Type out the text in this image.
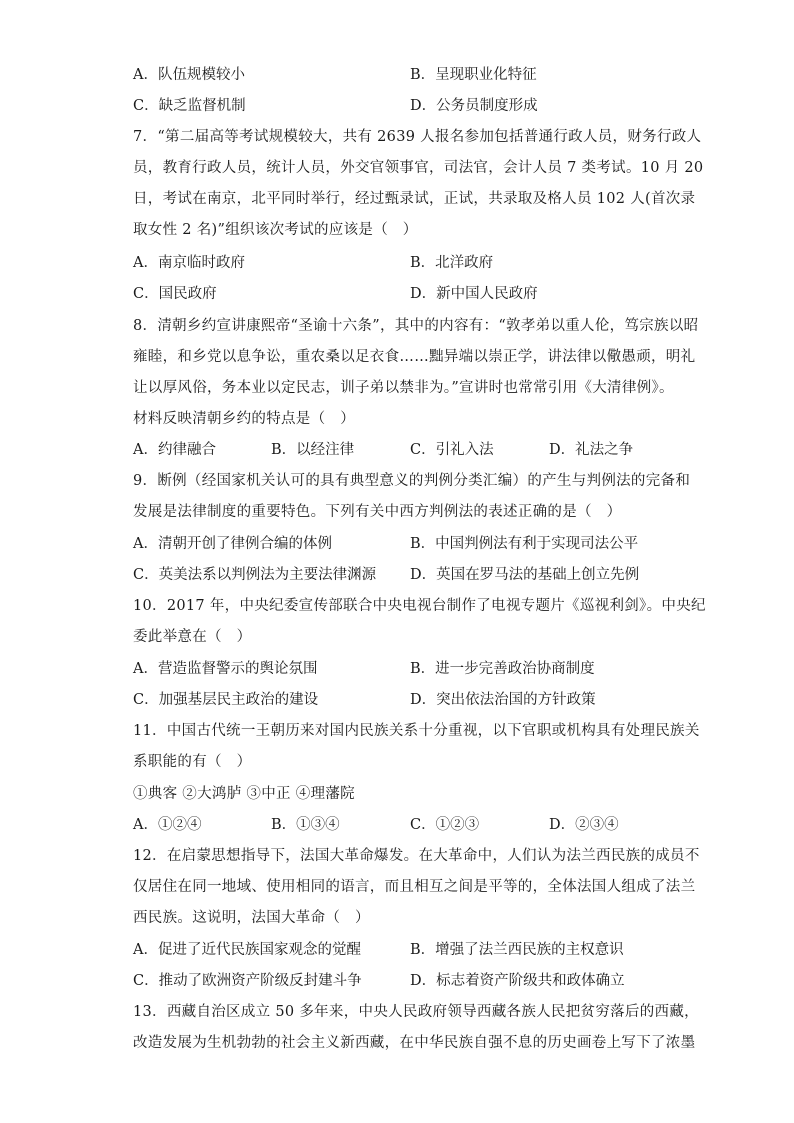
A．队伍规模较小	B．呈现职业化特征
C．缺乏监督机制	D．公务员制度形成
7．“第二届高等考试规模较大，共有 2639 人报名参加包括普通行政人员，财务行政人
员，教育行政人员，统计人员，外交官领事官，司法官，会计人员 7 类考试。10 月 20
日，考试在南京，北平同时举行，经过甄录试，正试，共录取及格人员 102 人(首次录
取女性 2 名)”组织该次考试的应该是（　）
A．南京临时政府	B．北洋政府
C．国民政府	D．新中国人民政府
8．清朝乡约宣讲康熙帝“圣谕十六条”，其中的内容有：“敦孝弟以重人伦，笃宗族以昭
雍睦，和乡党以息争讼，重农桑以足衣食……黜异端以崇正学，讲法律以儆愚顽，明礼
让以厚风俗，务本业以定民志，训子弟以禁非为。”宣讲时也常常引用《大清律例》。
材料反映清朝乡约的特点是（　）
A．约律融合	B．以经注律	C．引礼入法	D．礼法之争
9．断例（经国家机关认可的具有典型意义的判例分类汇编）的产生与判例法的完备和
发展是法律制度的重要特色。下列有关中西方判例法的表述正确的是（　）
A．清朝开创了律例合编的体例	B．中国判例法有利于实现司法公平
C．英美法系以判例法为主要法律渊源 D．英国在罗马法的基础上创立先例
10．2017 年，中央纪委宣传部联合中央电视台制作了电视专题片《巡视利剑》。中央纪
委此举意在（　）
A．营造监督警示的舆论氛围	B．进一步完善政治协商制度
C．加强基层民主政治的建设	D．突出依法治国的方针政策
11．中国古代统一王朝历来对国内民族关系十分重视，以下官职或机构具有处理民族关
系职能的有（　）
①典客 ②大鸿胪 ③中正 ④理藩院
A．①②④	B．①③④	C．①②③	D．②③④
12．在启蒙思想指导下，法国大革命爆发。在大革命中，人们认为法兰西民族的成员不
仅居住在同一地域、使用相同的语言，而且相互之间是平等的，全体法国人组成了法兰
西民族。这说明，法国大革命（　）
A．促进了近代民族国家观念的觉醒	B．增强了法兰西民族的主权意识
C．推动了欧洲资产阶级反封建斗争	D．标志着资产阶级共和政体确立
13．西藏自治区成立 50 多年来，中央人民政府领导西藏各族人民把贫穷落后的西藏，
改造发展为生机勃勃的社会主义新西藏，在中华民族自强不息的历史画卷上写下了浓墨
